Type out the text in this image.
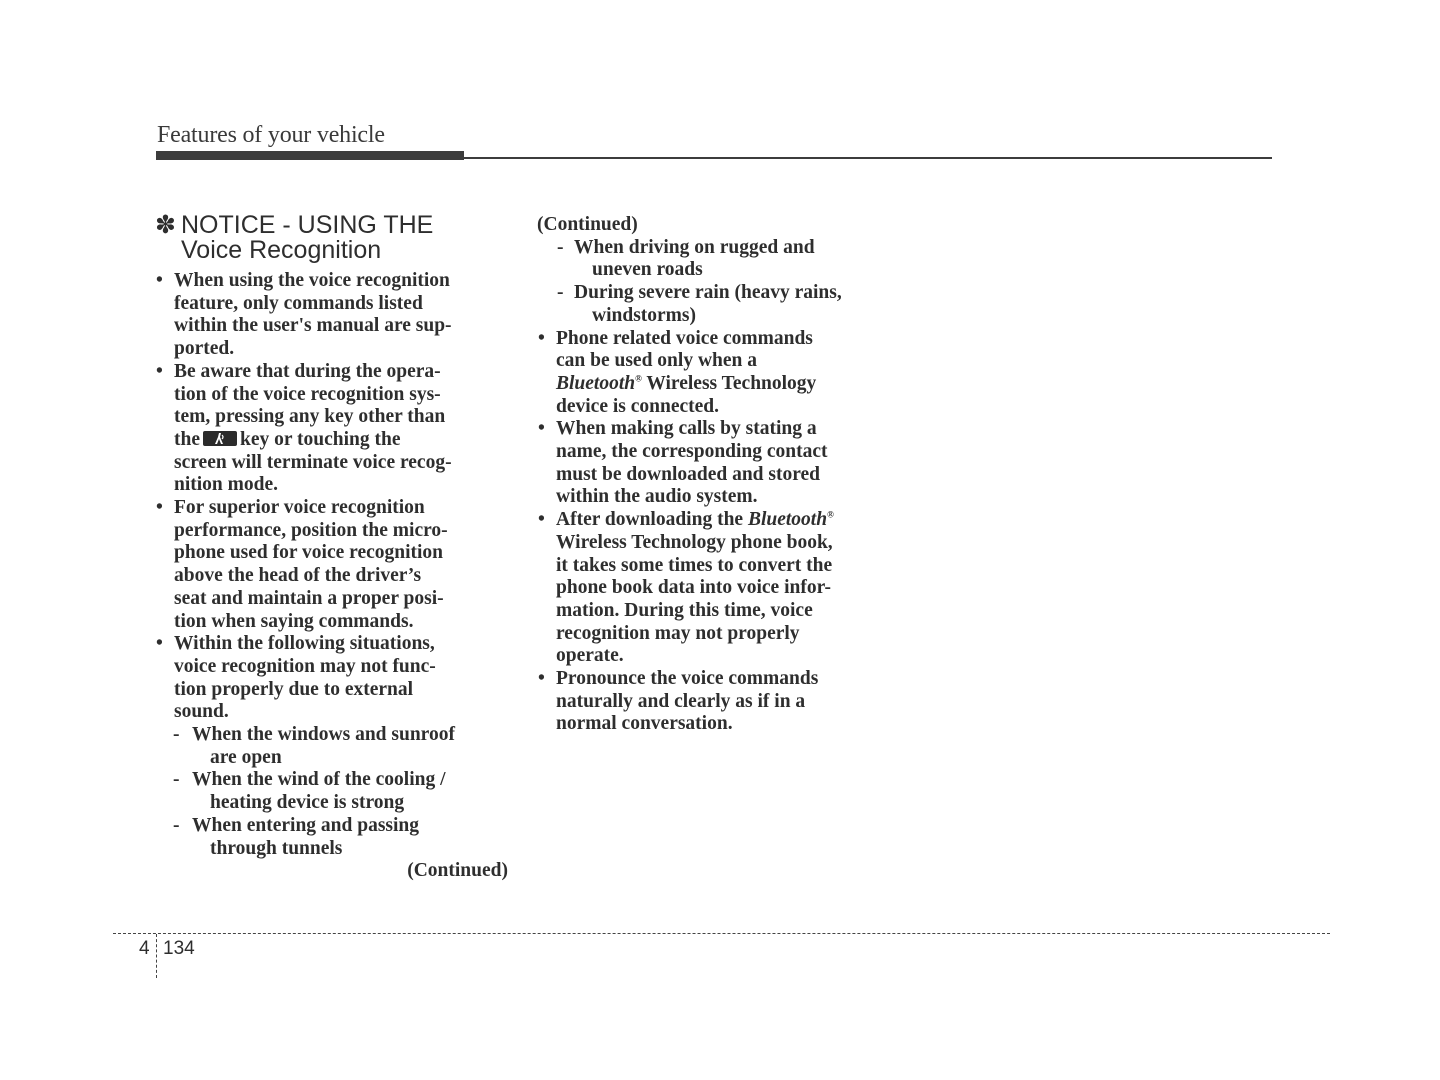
Features of your vehicle
✽ NOTICE - USING THE
Voice Recognition
• When using the voice recognition
feature, only commands listed
within the user's manual are sup-
ported.
• Be aware that during the opera-
tion of the voice recognition sys-
tem, pressing any key other than
the key or touching the
screen will terminate voice recog-
nition mode.
• For superior voice recognition
performance, position the micro-
phone used for voice recognition
above the head of the driver’s
seat and maintain a proper posi-
tion when saying commands.
• Within the following situations,
voice recognition may not func-
tion properly due to external
sound.
- When the windows and sunroof
are open
- When the wind of the cooling /
heating device is strong
- When entering and passing
through tunnels
(Continued)
(Continued)
- When driving on rugged and
uneven roads
- During severe rain (heavy rains,
windstorms)
• Phone related voice commands
can be used only when a
Bluetooth® Wireless Technology
device is connected.
• When making calls by stating a
name, the corresponding contact
must be downloaded and stored
within the audio system.
• After downloading the Bluetooth®
Wireless Technology phone book,
it takes some times to convert the
phone book data into voice infor-
mation. During this time, voice
recognition may not properly
operate.
• Pronounce the voice commands
naturally and clearly as if in a
normal conversation.
4 134
